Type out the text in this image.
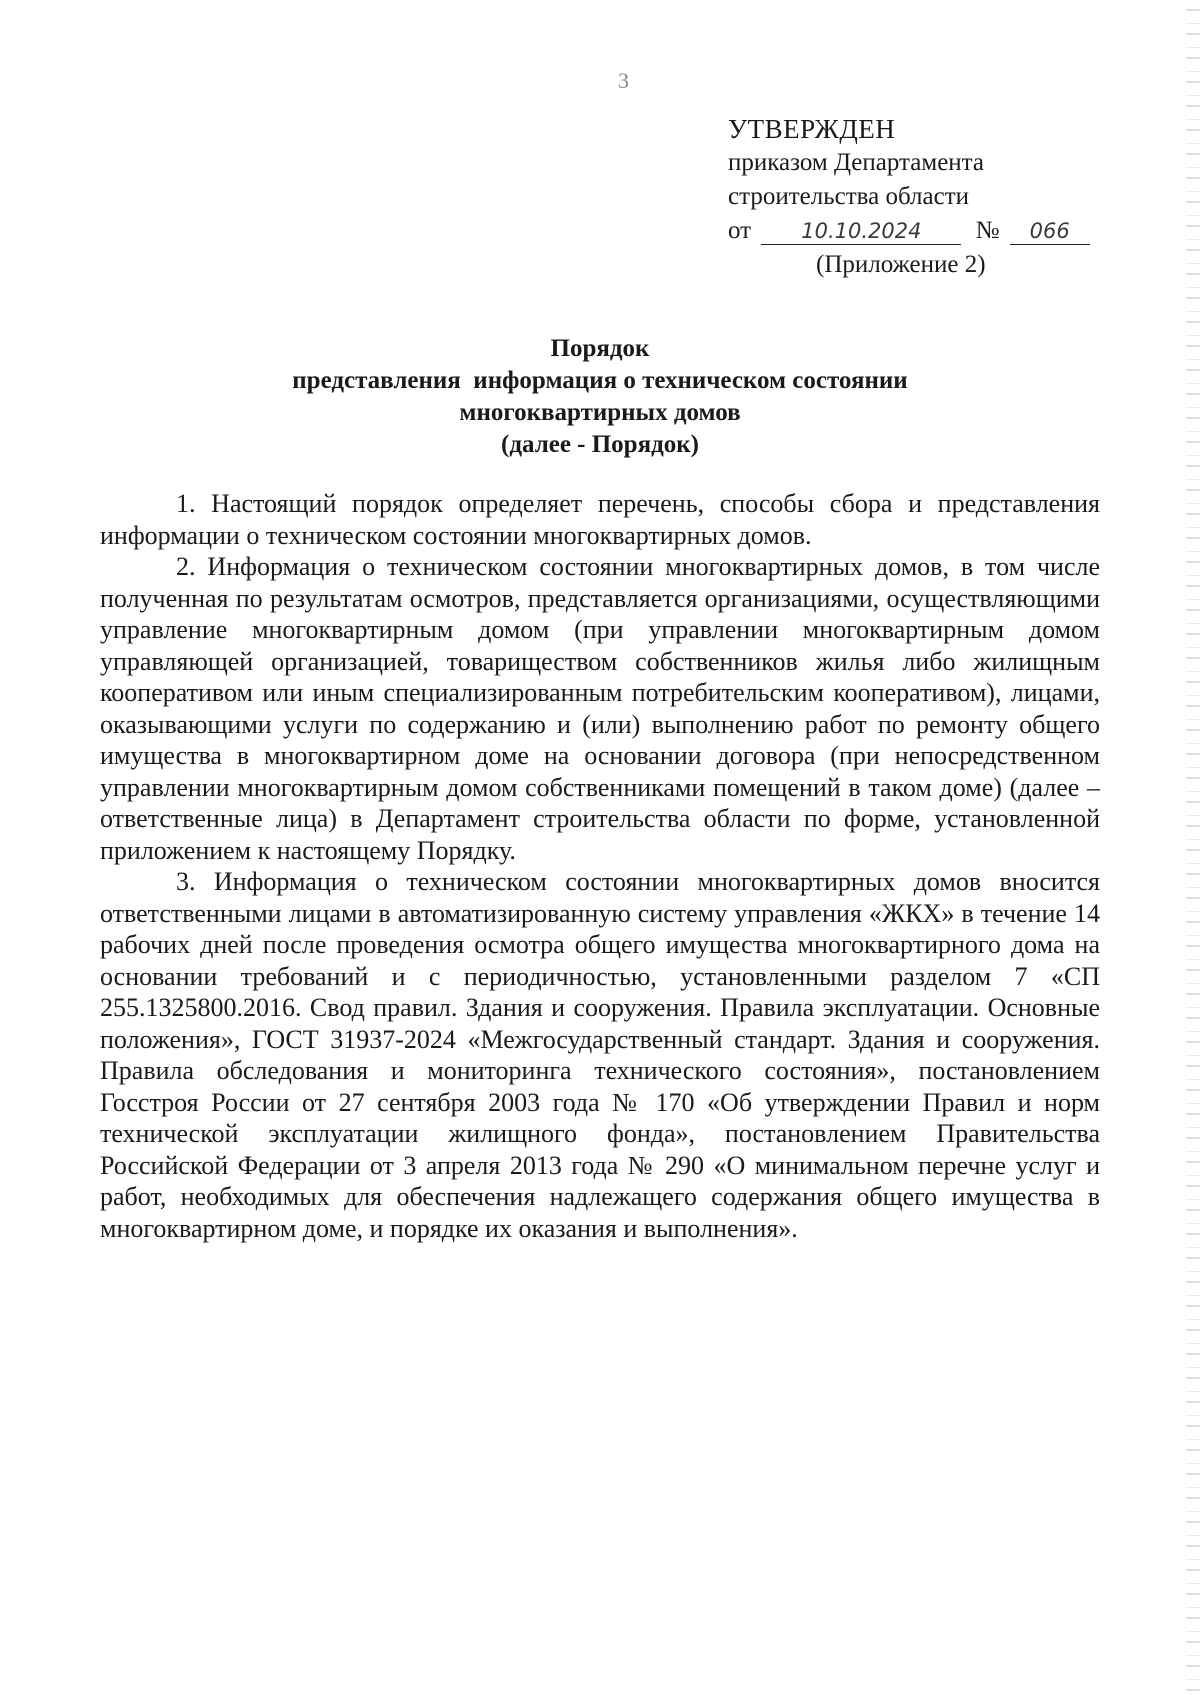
3
УТВЕРЖДЕН
приказом Департамента
строительства области
от 10.10.2024 № 066
(Приложение 2)
Порядок
представления  информация о техническом состоянии
многоквартирных домов
(далее - Порядок)

1. Настоящий порядок определяет перечень, способы сбора и представления информации о техническом состоянии многоквартирных домов.

2. Информация о техническом состоянии многоквартирных домов, в том числе полученная по результатам осмотров, представляется организациями, осуществляющими управление многоквартирным домом (при управлении многоквартирным домом управляющей организацией, товариществом собственников жилья либо жилищным кооперативом или иным специализированным потребительским кооперативом), лицами, оказывающими услуги по содержанию и (или) выполнению работ по ремонту общего имущества в многоквартирном доме на основании договора (при непосредственном управлении многоквартирным домом собственниками помещений в таком доме) (далее – ответственные лица) в Департамент строительства области по форме, установленной приложением к настоящему Порядку.

3. Информация о техническом состоянии многоквартирных домов вносится ответственными лицами в автоматизированную систему управления «ЖКХ» в течение 14 рабочих дней после проведения осмотра общего имущества многоквартирного дома на основании требований и с периодичностью, установленными разделом 7 «СП 255.1325800.2016. Свод правил. Здания и сооружения. Правила эксплуатации. Основные положения», ГОСТ 31937-2024 «Межгосударственный стандарт. Здания и сооружения. Правила обследования и мониторинга технического состояния», постановлением Госстроя России от 27 сентября 2003 года № 170 «Об утверждении Правил и норм технической эксплуатации жилищного фонда», постановлением Правительства Российской Федерации от 3 апреля 2013 года № 290 «О минимальном перечне услуг и работ, необходимых для обеспечения надлежащего содержания общего имущества в многоквартирном доме, и порядке их оказания и выполнения».
